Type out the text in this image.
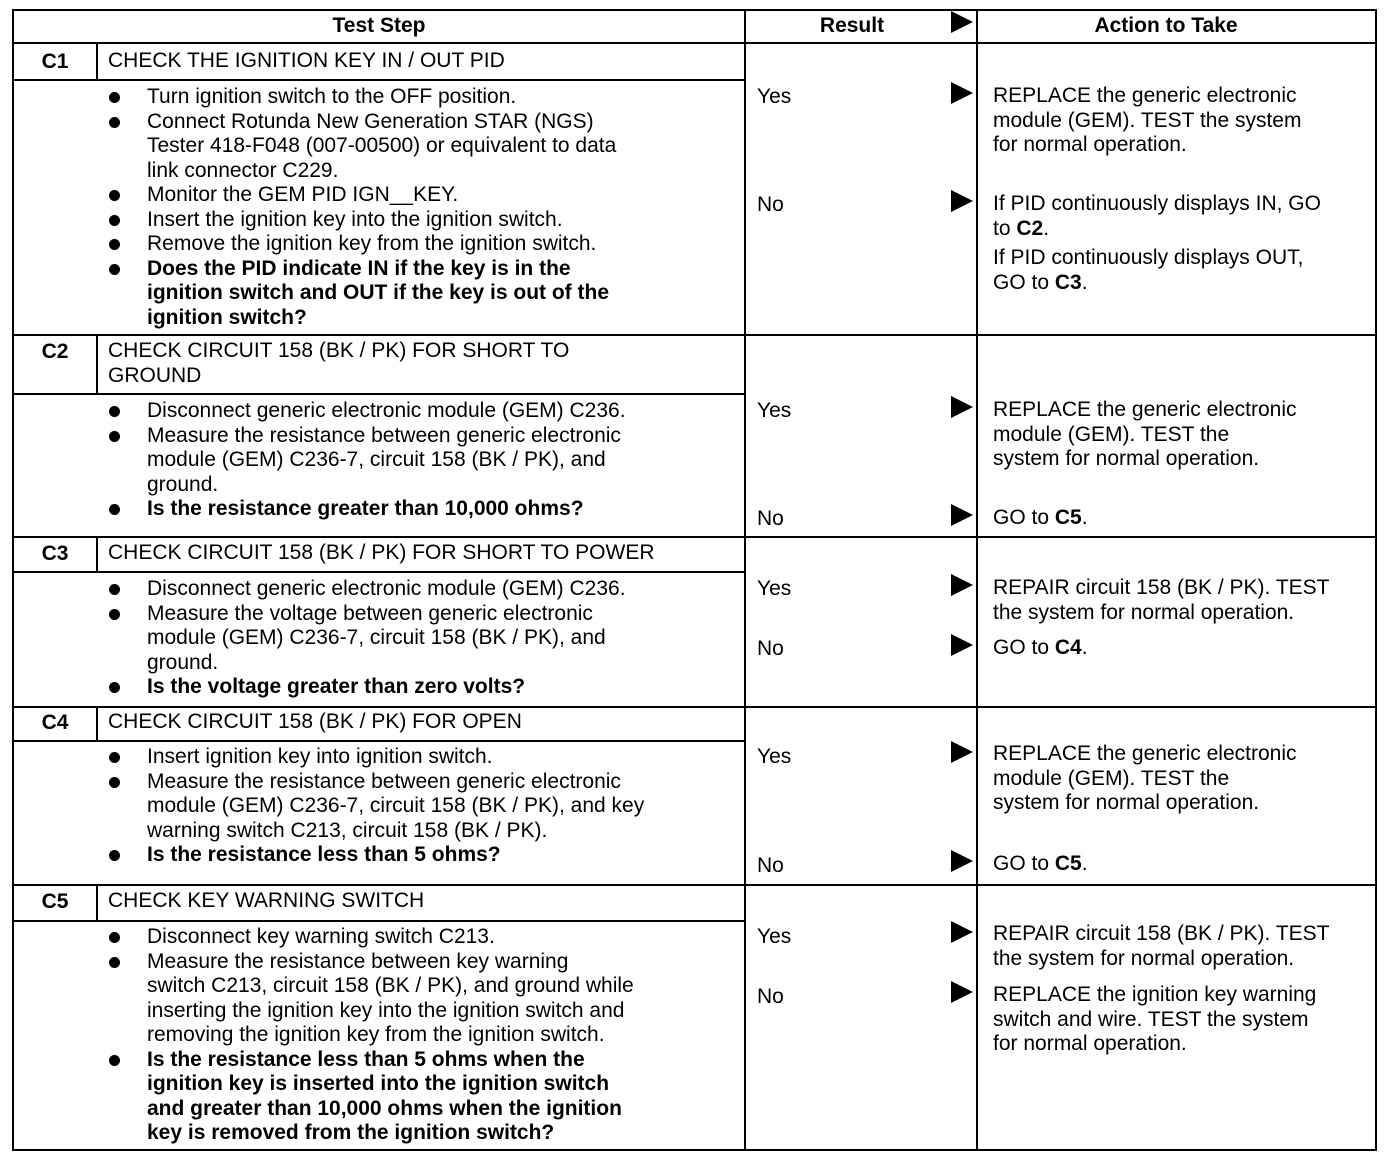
Test Step	Result	Action to Take
C1	CHECK THE IGNITION KEY IN / OUT PID
Turn ignition switch to the OFF position.
Connect Rotunda New Generation STAR (NGS)
Tester 418-F048 (007-00500) or equivalent to data
link connector C229.
Monitor the GEM PID IGN__KEY.
Insert the ignition key into the ignition switch.
Remove the ignition key from the ignition switch.
Does the PID indicate IN if the key is in the
ignition switch and OUT if the key is out of the
ignition switch?
Yes	REPLACE the generic electronic
module (GEM). TEST the system
for normal operation.
No	If PID continuously displays IN, GO
to C2.
If PID continuously displays OUT,
GO to C3.
C2	CHECK CIRCUIT 158 (BK / PK) FOR SHORT TO
GROUND
Disconnect generic electronic module (GEM) C236.
Measure the resistance between generic electronic
module (GEM) C236-7, circuit 158 (BK / PK), and
ground.
Is the resistance greater than 10,000 ohms?
Yes	REPLACE the generic electronic
module (GEM). TEST the
system for normal operation.
No	GO to C5.
C3	CHECK CIRCUIT 158 (BK / PK) FOR SHORT TO POWER
Disconnect generic electronic module (GEM) C236.
Measure the voltage between generic electronic
module (GEM) C236-7, circuit 158 (BK / PK), and
ground.
Is the voltage greater than zero volts?
Yes	REPAIR circuit 158 (BK / PK). TEST
the system for normal operation.
No	GO to C4.
C4	CHECK CIRCUIT 158 (BK / PK) FOR OPEN
Insert ignition key into ignition switch.
Measure the resistance between generic electronic
module (GEM) C236-7, circuit 158 (BK / PK), and key
warning switch C213, circuit 158 (BK / PK).
Is the resistance less than 5 ohms?
Yes	REPLACE the generic electronic
module (GEM). TEST the
system for normal operation.
No	GO to C5.
C5	CHECK KEY WARNING SWITCH
Disconnect key warning switch C213.
Measure the resistance between key warning
switch C213, circuit 158 (BK / PK), and ground while
inserting the ignition key into the ignition switch and
removing the ignition key from the ignition switch.
Is the resistance less than 5 ohms when the
ignition key is inserted into the ignition switch
and greater than 10,000 ohms when the ignition
key is removed from the ignition switch?
Yes	REPAIR circuit 158 (BK / PK). TEST
the system for normal operation.
No	REPLACE the ignition key warning
switch and wire. TEST the system
for normal operation.
